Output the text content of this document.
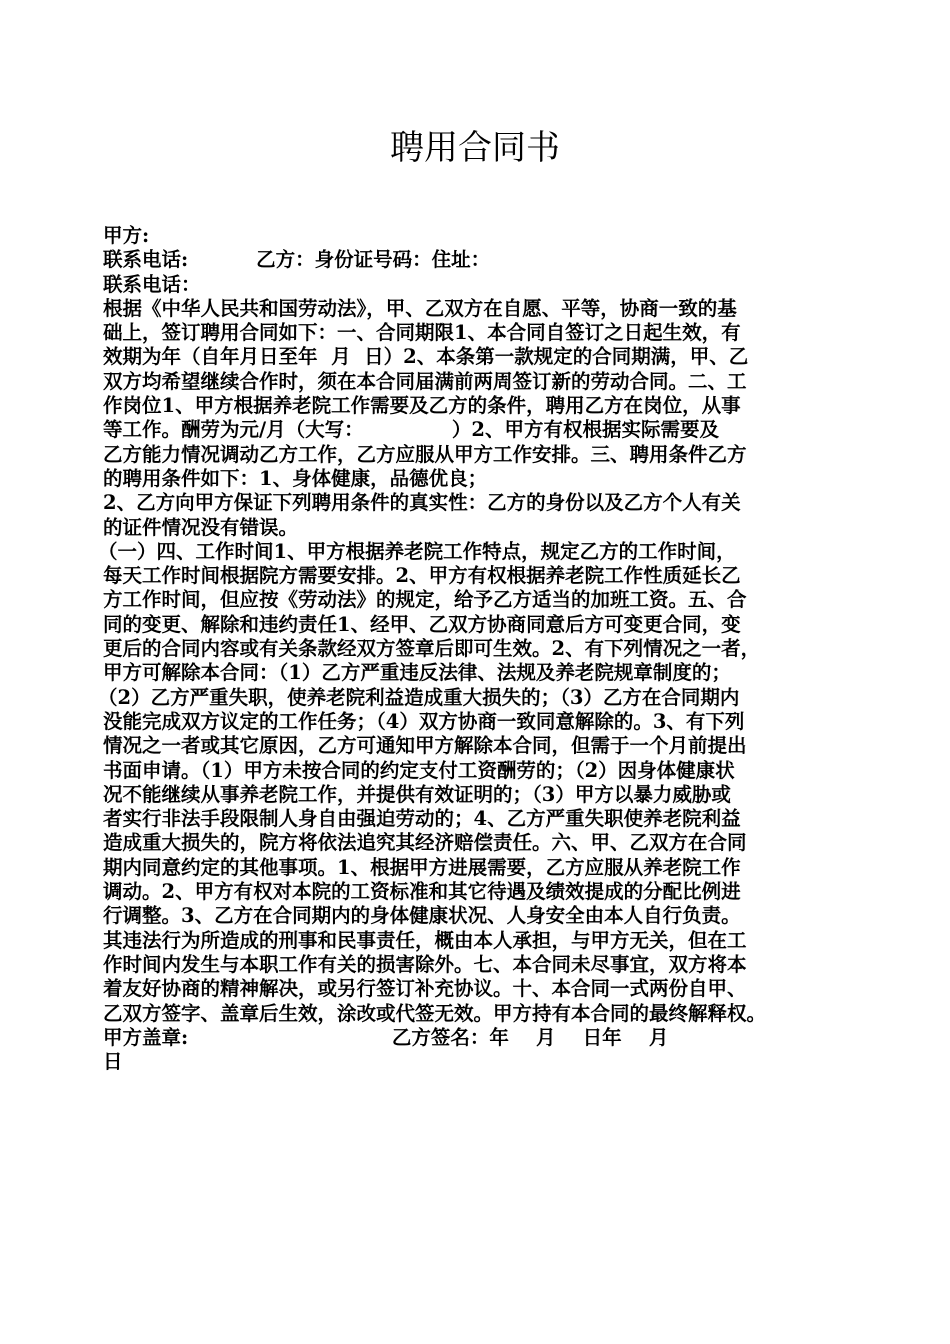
聘用合同书
甲方:
联系电话:          乙方：身份证号码：住址：
联系电话：
根据《中华人民共和国劳动法》，甲、乙双方在自愿、平等，协商一致的基
础上，签订聘用合同如下：一、合同期限1、本合同自签订之日起生效，有
效期为年（自年月日至年  月  日）2、本条第一款规定的合同期满，甲、乙
双方均希望继续合作时，须在本合同届满前两周签订新的劳动合同。二、工
作岗位1、甲方根据养老院工作需要及乙方的条件，聘用乙方在岗位，从事
等工作。酬劳为元/月（大写：             ）2、甲方有权根据实际需要及
乙方能力情况调动乙方工作，乙方应服从甲方工作安排。三、聘用条件乙方
的聘用条件如下：1、身体健康，品德优良；
2、乙方向甲方保证下列聘用条件的真实性：乙方的身份以及乙方个人有关
的证件情况没有错误。
（一）四、工作时间1、甲方根据养老院工作特点，规定乙方的工作时间，
每天工作时间根据院方需要安排。2、甲方有权根据养老院工作性质延长乙
方工作时间，但应按《劳动法》的规定，给予乙方适当的加班工资。五、合
同的变更、解除和违约责任1、经甲、乙双方协商同意后方可变更合同，变
更后的合同内容或有关条款经双方签章后即可生效。2、有下列情况之一者，
甲方可解除本合同：（1）乙方严重违反法律、法规及养老院规章制度的；
（2）乙方严重失职，使养老院利益造成重大损失的；（3）乙方在合同期内
没能完成双方议定的工作任务；（4）双方协商一致同意解除的。3、有下列
情况之一者或其它原因，乙方可通知甲方解除本合同，但需于一个月前提出
书面申请。（1）甲方未按合同的约定支付工资酬劳的；（2）因身体健康状
况不能继续从事养老院工作，并提供有效证明的；（3）甲方以暴力威胁或
者实行非法手段限制人身自由强迫劳动的；4、乙方严重失职使养老院利益
造成重大损失的，院方将依法追究其经济赔偿责任。六、甲、乙双方在合同
期内同意约定的其他事项。1、根据甲方进展需要，乙方应服从养老院工作
调动。2、甲方有权对本院的工资标准和其它待遇及绩效提成的分配比例进
行调整。3、乙方在合同期内的身体健康状况、人身安全由本人自行负责。
其违法行为所造成的刑事和民事责任，概由本人承担，与甲方无关，但在工
作时间内发生与本职工作有关的损害除外。七、本合同未尽事宜，双方将本
着友好协商的精神解决，或另行签订补充协议。十、本合同一式两份自甲、
乙双方签字、盖章后生效，涂改或代签无效。甲方持有本合同的最终解释权。
甲方盖章:                              乙方签名：年    月    日年    月
日
